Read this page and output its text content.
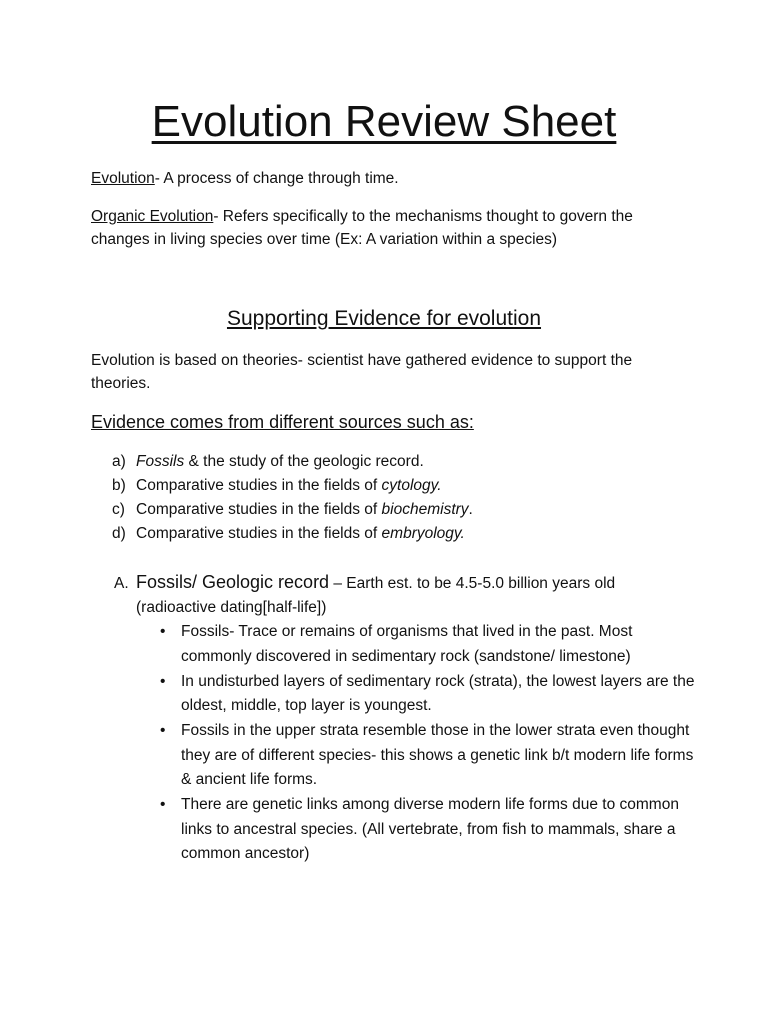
Evolution Review Sheet

Evolution- A process of change through time.

Organic Evolution- Refers specifically to the mechanisms thought to govern the changes in living species over time (Ex: A variation within a species)

Supporting Evidence for evolution

Evolution is based on theories- scientist have gathered evidence to support the theories.

Evidence comes from different sources such as:
a) Fossils & the study of the geologic record.
b) Comparative studies in the fields of cytology.
c) Comparative studies in the fields of biochemistry.
d) Comparative studies in the fields of embryology.
A. Fossils/ Geologic record – Earth est. to be 4.5-5.0 billion years old
(radioactive dating[half-life])
• Fossils- Trace or remains of organisms that lived in the past. Most commonly discovered in sedimentary rock (sandstone/ limestone)
• In undisturbed layers of sedimentary rock (strata), the lowest layers are the oldest, middle, top layer is youngest.
• Fossils in the upper strata resemble those in the lower strata even thought they are of different species- this shows a genetic link b/t modern life forms & ancient life forms.
• There are genetic links among diverse modern life forms due to common links to ancestral species. (All vertebrate, from fish to mammals, share a common ancestor)
